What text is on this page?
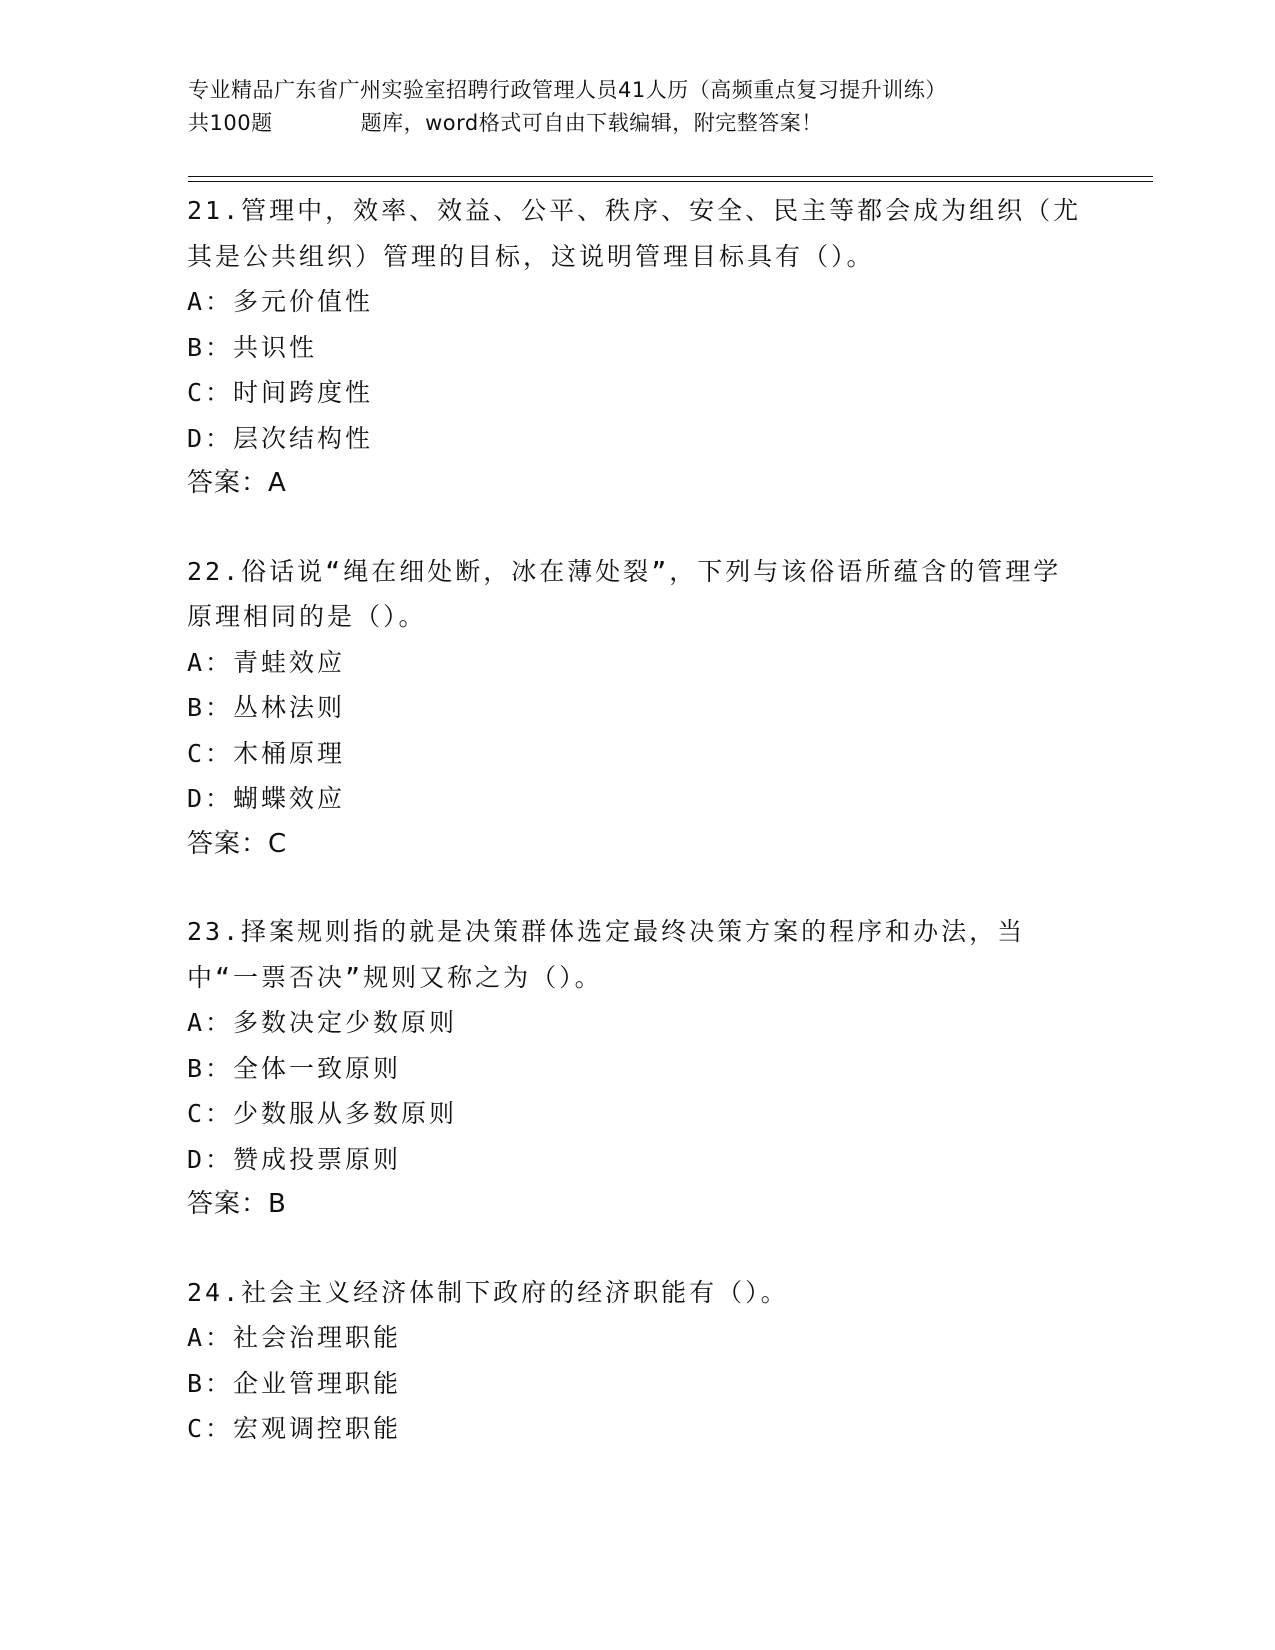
专业精品广东省广州实验室招聘行政管理人员41人历（高频重点复习提升训练）
共100题	题库，word格式可自由下载编辑，附完整答案！

21.管理中，效率、效益、公平、秩序、安全、民主等都会成为组织（尤其是公共组织）管理的目标，这说明管理目标具有（）。

A：多元价值性

B：共识性

C：时间跨度性

D：层次结构性

答案：A

22.俗话说“绳在细处断，冰在薄处裂”，下列与该俗语所蕴含的管理学原理相同的是（）。

A：青蛙效应

B：丛林法则

C：木桶原理

D：蝴蝶效应

答案：C

23.择案规则指的就是决策群体选定最终决策方案的程序和办法，当中“一票否决”规则又称之为（）。

A：多数决定少数原则

B：全体一致原则

C：少数服从多数原则

D：赞成投票原则

答案：B

24.社会主义经济体制下政府的经济职能有（）。

A：社会治理职能

B：企业管理职能

C：宏观调控职能
